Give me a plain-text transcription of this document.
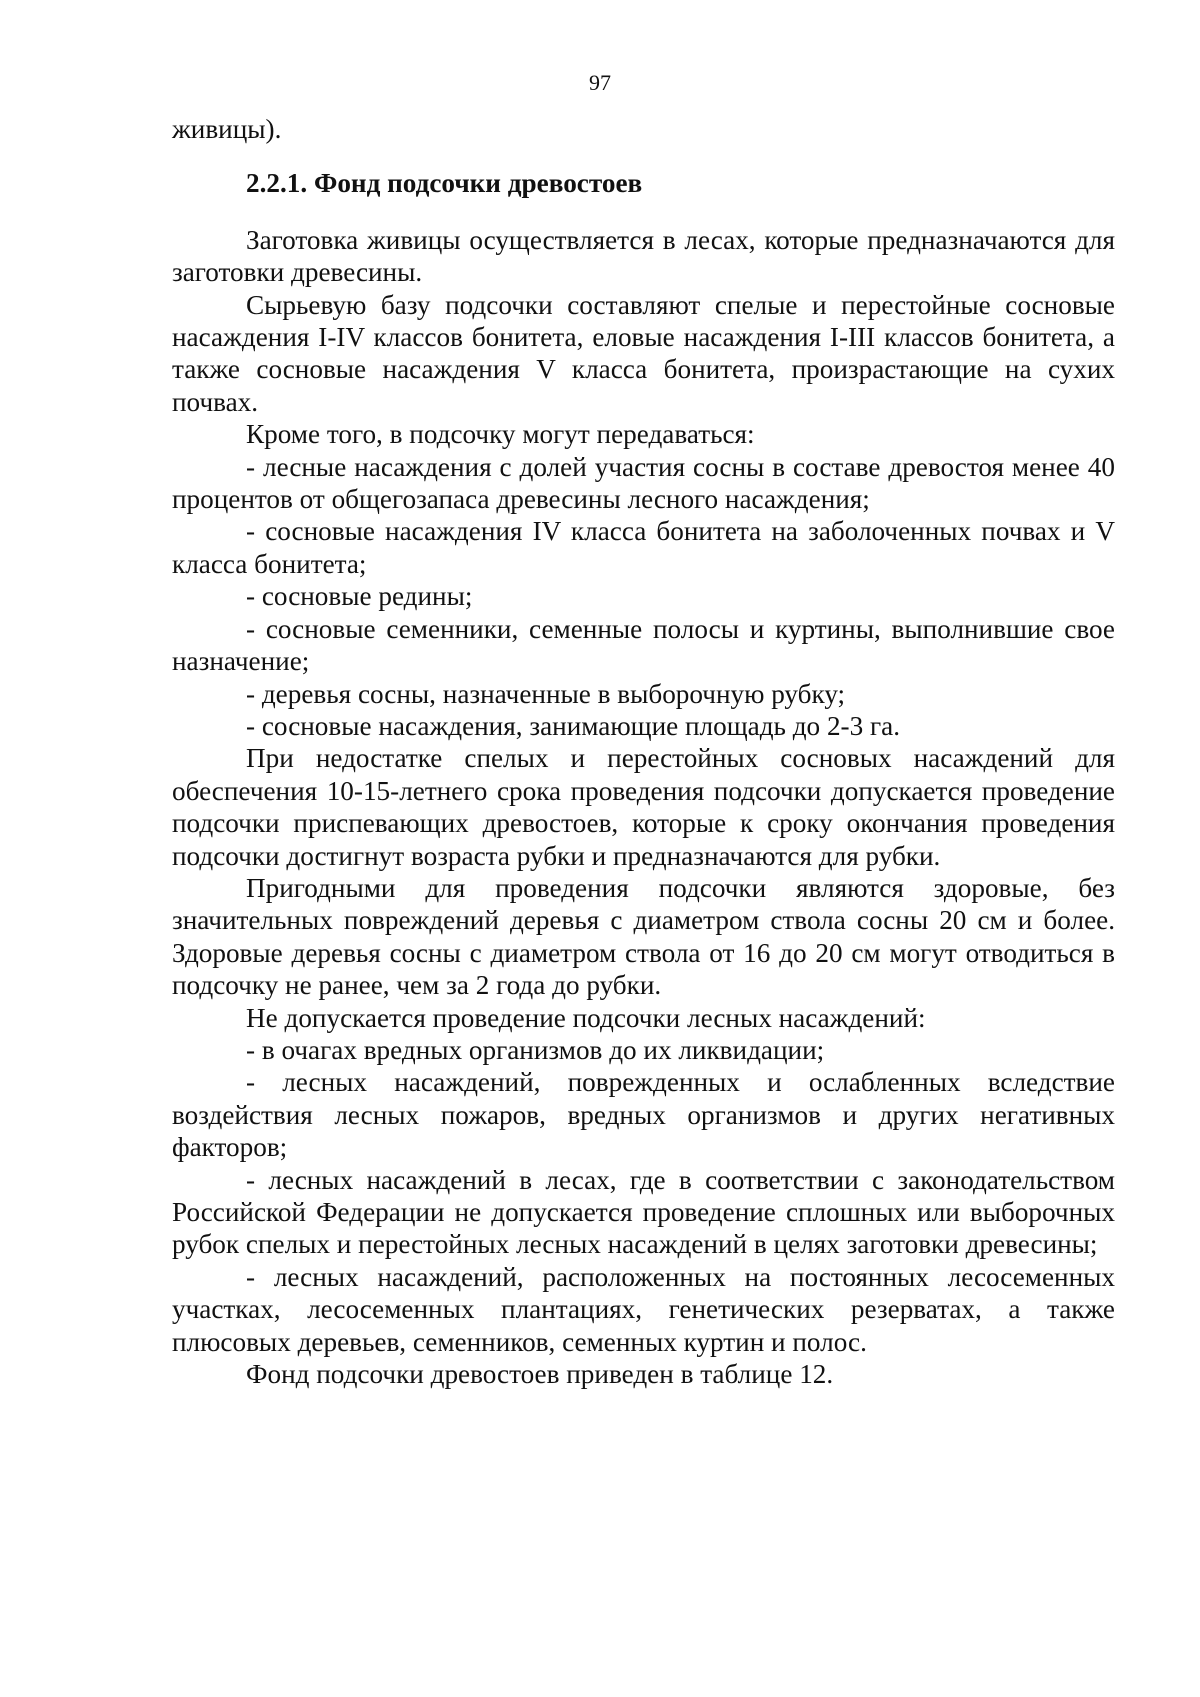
97

живицы).

2.2.1. Фонд подсочки древостоев

Заготовка живицы осуществляется в лесах, которые предназначаются для заготовки древесины.

Сырьевую базу подсочки составляют спелые и перестойные сосновые насаждения I-IV классов бонитета, еловые насаждения I-III классов бонитета, а также сосновые насаждения V класса бонитета, произрастающие на сухих почвах.

Кроме того, в подсочку могут передаваться:

- лесные насаждения с долей участия сосны в составе древостоя менее 40 процентов от общегозапаса древесины лесного насаждения;

- сосновые насаждения IV класса бонитета на заболоченных почвах и V класса бонитета;

- сосновые редины;

- сосновые семенники, семенные полосы и куртины, выполнившие свое назначение;

- деревья сосны, назначенные в выборочную рубку;

- сосновые насаждения, занимающие площадь до 2-3 га.

При недостатке спелых и перестойных сосновых насаждений для обеспечения 10-15-летнего срока проведения подсочки допускается проведение подсочки приспевающих древостоев, которые к сроку окончания проведения подсочки достигнут возраста рубки и предназначаются для рубки.

Пригодными для проведения подсочки являются здоровые, без значительных повреждений деревья с диаметром ствола сосны 20 см и более. Здоровые деревья сосны с диаметром ствола от 16 до 20 см могут отводиться в подсочку не ранее, чем за 2 года до рубки.

Не допускается проведение подсочки лесных насаждений:

- в очагах вредных организмов до их ликвидации;

- лесных насаждений, поврежденных и ослабленных вследствие воздействия лесных пожаров, вредных организмов и других негативных факторов;

- лесных насаждений в лесах, где в соответствии с законодательством Российской Федерации не допускается проведение сплошных или выборочных рубок спелых и перестойных лесных насаждений в целях заготовки древесины;

- лесных насаждений, расположенных на постоянных лесосеменных участках, лесосеменных плантациях, генетических резерватах, а также плюсовых деревьев, семенников, семенных куртин и полос.

Фонд подсочки древостоев приведен в таблице 12.
